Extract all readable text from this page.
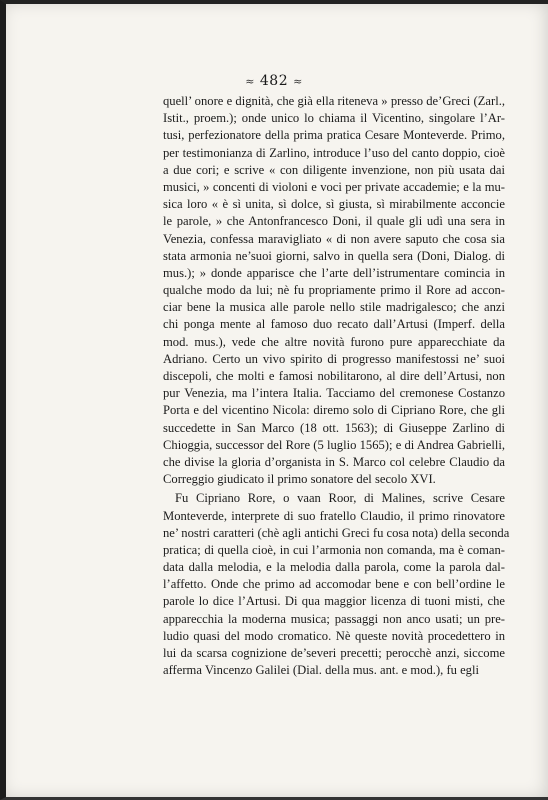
≈ 482 ≈
quell’ onore e dignità, che già ella riteneva » presso de’Greci (Zarl.,
Istit., proem.); onde unico lo chiama il Vicentino, singolare l’Ar-
tusi, perfezionatore della prima pratica Cesare Monteverde. Primo,
per testimonianza di Zarlino, introduce l’uso del canto doppio, cioè
a due cori; e scrive « con diligente invenzione, non più usata dai
musici, » concenti di violoni e voci per private accademie; e la mu-
sica loro « è sì unita, sì dolce, sì giusta, sì mirabilmente acconcie
le parole, » che Antonfrancesco Doni, il quale gli udì una sera in
Venezia, confessa maravigliato « di non avere saputo che cosa sia
stata armonia ne’suoi giorni, salvo in quella sera (Doni, Dialog. di
mus.); » donde apparisce che l’arte dell’istrumentare comincia in
qualche modo da lui; nè fu propriamente primo il Rore ad accon-
ciar bene la musica alle parole nello stile madrigalesco; che anzi
chi ponga mente al famoso duo recato dall’Artusi (Imperf. della
mod. mus.), vede che altre novità furono pure apparecchiate da
Adriano. Certo un vivo spirito di progresso manifestossi ne’ suoi
discepoli, che molti e famosi nobilitarono, al dire dell’Artusi, non
pur Venezia, ma l’intera Italia. Tacciamo del cremonese Costanzo
Porta e del vicentino Nicola: diremo solo di Cipriano Rore, che gli
succedette in San Marco (18 ott. 1563); di Giuseppe Zarlino di
Chioggia, successor del Rore (5 luglio 1565); e di Andrea Gabrielli,
che divise la gloria d’organista in S. Marco col celebre Claudio da
Correggio giudicato il primo sonatore del secolo XVI.
Fu Cipriano Rore, o vaan Roor, di Malines, scrive Cesare
Monteverde, interprete di suo fratello Claudio, il primo rinovatore
ne’ nostri caratteri (chè agli antichi Greci fu cosa nota) della seconda
pratica; di quella cioè, in cui l’armonia non comanda, ma è coman-
data dalla melodia, e la melodia dalla parola, come la parola dal-
l’affetto. Onde che primo ad accomodar bene e con bell’ordine le
parole lo dice l’Artusi. Di qua maggior licenza di tuoni misti, che
apparecchia la moderna musica; passaggi non anco usati; un pre-
ludio quasi del modo cromatico. Nè queste novità procedettero in
lui da scarsa cognizione de’severi precetti; perocchè anzi, siccome
afferma Vincenzo Galilei (Dial. della mus. ant. e mod.), fu egli
